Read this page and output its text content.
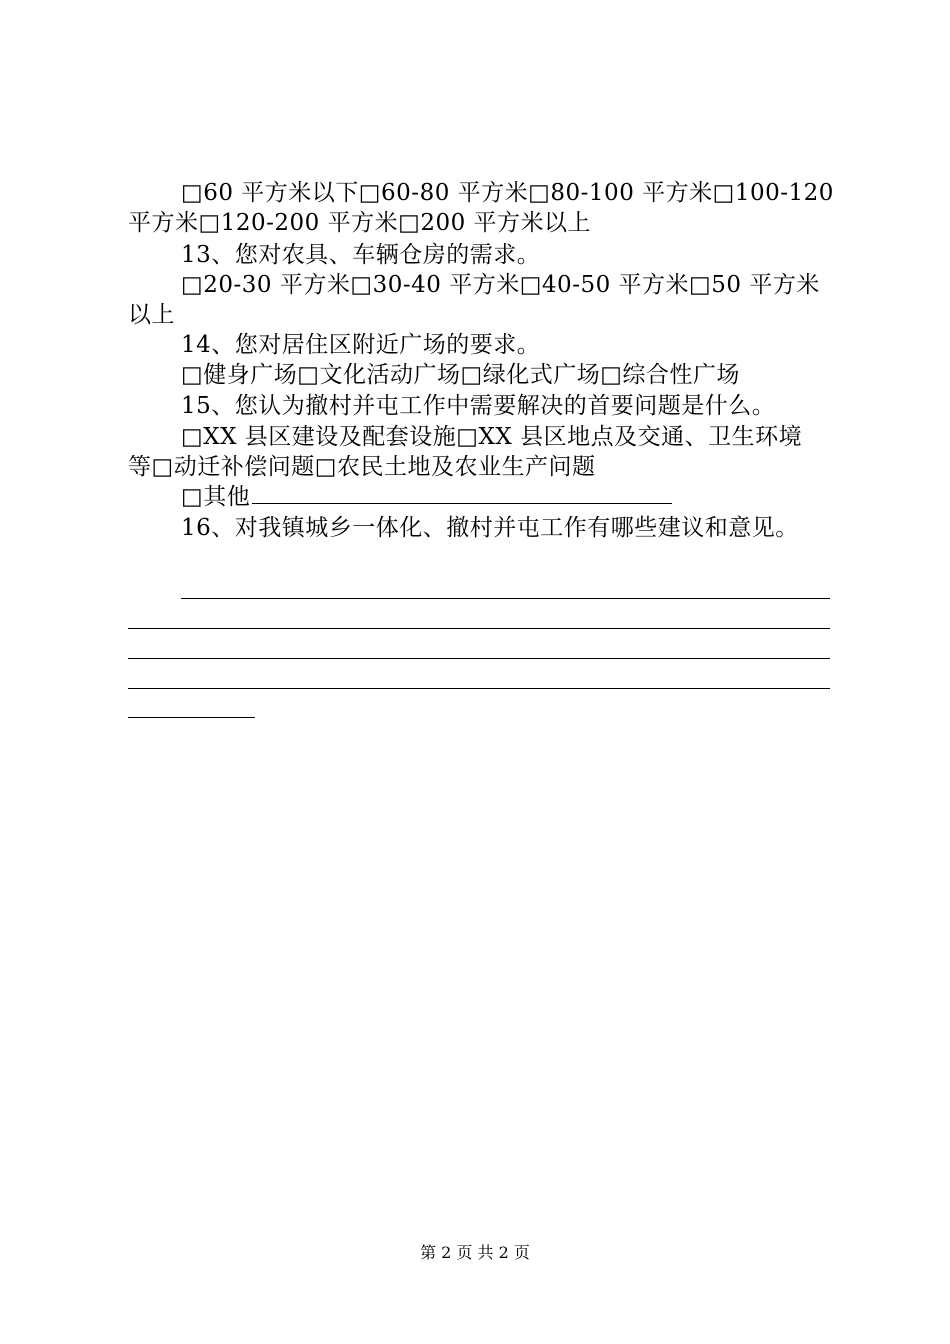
□60 平方米以下□60-80 平方米□80-100 平方米□100-120
平方米□120-200 平方米□200 平方米以上
13、您对农具、车辆仓房的需求。
□20-30 平方米□30-40 平方米□40-50 平方米□50 平方米
以上
14、您对居住区附近广场的要求。
□健身广场□文化活动广场□绿化式广场□综合性广场
15、您认为撤村并屯工作中需要解决的首要问题是什么。
□XX 县区建设及配套设施□XX 县区地点及交通、卫生环境
等□动迁补偿问题□农民土地及农业生产问题
□其他
16、对我镇城乡一体化、撤村并屯工作有哪些建议和意见。
第 2 页 共 2 页
